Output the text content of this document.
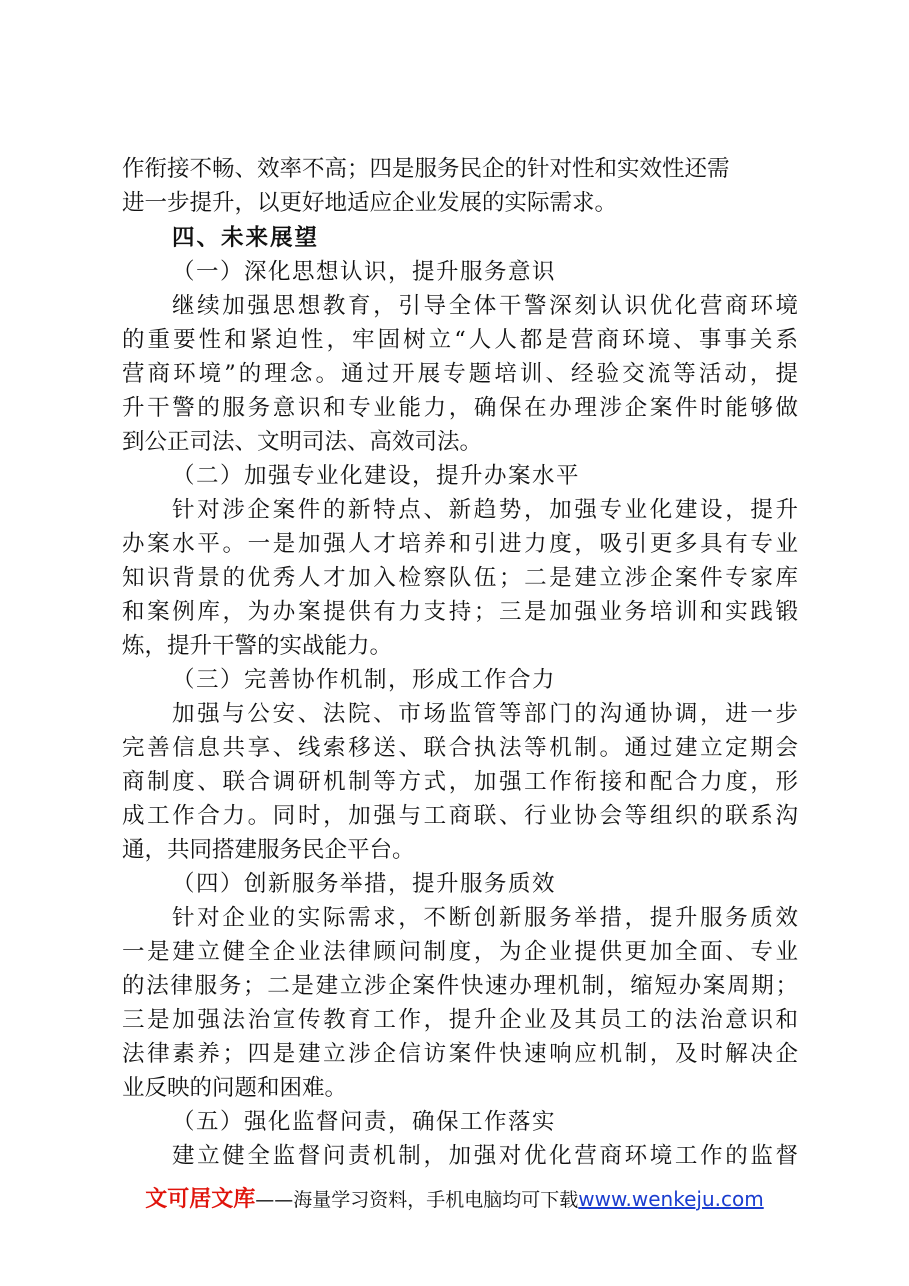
作衔接不畅、效率不高；四是服务民企的针对性和实效性还需
进一步提升，以更好地适应企业发展的实际需求。
四、未来展望
（一）深化思想认识，提升服务意识
继续加强思想教育，引导全体干警深刻认识优化营商环境
的重要性和紧迫性，牢固树立“人人都是营商环境、事事关系
营商环境”的理念。通过开展专题培训、经验交流等活动，提
升干警的服务意识和专业能力，确保在办理涉企案件时能够做
到公正司法、文明司法、高效司法。
（二）加强专业化建设，提升办案水平
针对涉企案件的新特点、新趋势，加强专业化建设，提升
办案水平。一是加强人才培养和引进力度，吸引更多具有专业
知识背景的优秀人才加入检察队伍；二是建立涉企案件专家库
和案例库，为办案提供有力支持；三是加强业务培训和实践锻
炼，提升干警的实战能力。
（三）完善协作机制，形成工作合力
加强与公安、法院、市场监管等部门的沟通协调，进一步
完善信息共享、线索移送、联合执法等机制。通过建立定期会
商制度、联合调研机制等方式，加强工作衔接和配合力度，形
成工作合力。同时，加强与工商联、行业协会等组织的联系沟
通，共同搭建服务民企平台。
（四）创新服务举措，提升服务质效
针对企业的实际需求，不断创新服务举措，提升服务质效
一是建立健全企业法律顾问制度，为企业提供更加全面、专业
的法律服务；二是建立涉企案件快速办理机制，缩短办案周期；
三是加强法治宣传教育工作，提升企业及其员工的法治意识和
法律素养；四是建立涉企信访案件快速响应机制，及时解决企
业反映的问题和困难。
（五）强化监督问责，确保工作落实
建立健全监督问责机制，加强对优化营商环境工作的监督
文可居文库——海量学习资料，手机电脑均可下载www.wenkeju.com
